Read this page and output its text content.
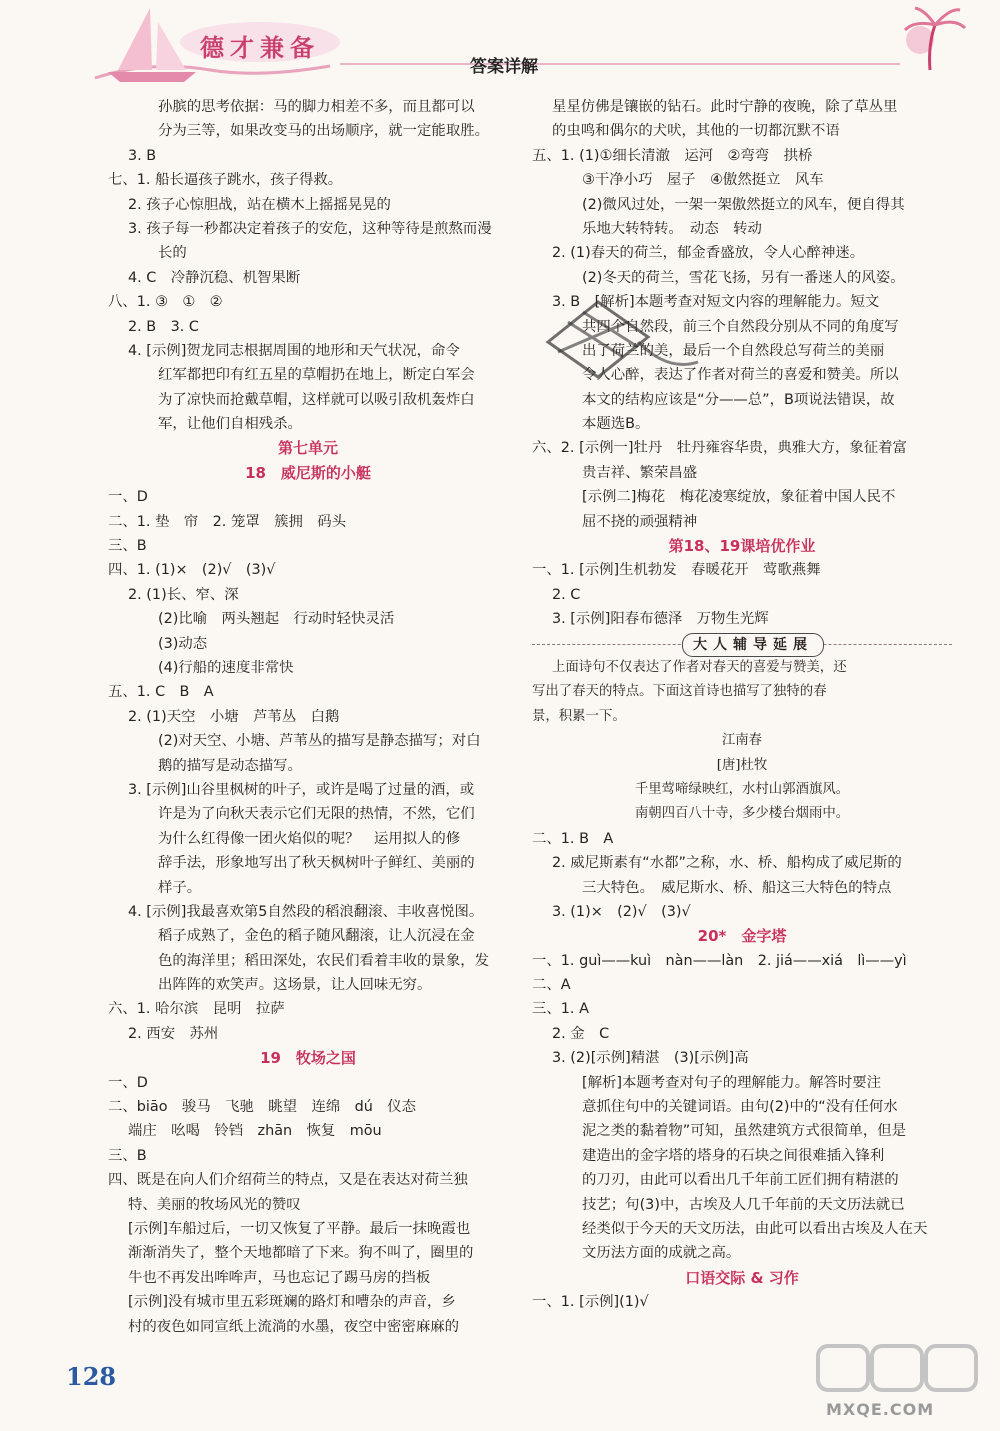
德才兼备
答案详解
孙膑的思考依据：马的脚力相差不多，而且都可以
分为三等，如果改变马的出场顺序，就一定能取胜。
3. B
七、1. 船长逼孩子跳水，孩子得救。
2. 孩子心惊胆战，站在横木上摇摇晃晃的
3. 孩子每一秒都决定着孩子的安危，这种等待是煎熬而漫
长的
4. C　冷静沉稳、机智果断
八、1. ③　①　②
2. B　3. C
4. [示例]贺龙同志根据周围的地形和天气状况，命令
红军都把印有红五星的草帽扔在地上，断定白军会
为了凉快而抢戴草帽，这样就可以吸引敌机轰炸白
军，让他们自相残杀。
第七单元
18　威尼斯的小艇
一、D
二、1. 垫　帘　2. 笼罩　簇拥　码头
三、B
四、1. (1)×　(2)√　(3)√
2. (1)长、窄、深
(2)比喻　两头翘起　行动时轻快灵活
(3)动态
(4)行船的速度非常快
五、1. C　B　A
2. (1)天空　小塘　芦苇丛　白鹅
(2)对天空、小塘、芦苇丛的描写是静态描写；对白
鹅的描写是动态描写。
3. [示例]山谷里枫树的叶子，或许是喝了过量的酒，或
许是为了向秋天表示它们无限的热情，不然，它们
为什么红得像一团火焰似的呢？　运用拟人的修
辞手法，形象地写出了秋天枫树叶子鲜红、美丽的
样子。
4. [示例]我最喜欢第5自然段的稻浪翻滚、丰收喜悦图。
稻子成熟了，金色的稻子随风翻滚，让人沉浸在金
色的海洋里；稻田深处，农民们看着丰收的景象，发
出阵阵的欢笑声。这场景，让人回味无穷。
六、1. 哈尔滨　昆明　拉萨
2. 西安　苏州
19　牧场之国
一、D
二、biāo　骏马　飞驰　眺望　连绵　dú　仪态
端庄　吆喝　铃铛　zhān　恢复　mōu
三、B
四、既是在向人们介绍荷兰的特点，又是在表达对荷兰独
特、美丽的牧场风光的赞叹
[示例]车船过后，一切又恢复了平静。最后一抹晚霞也
渐渐消失了，整个天地都暗了下来。狗不叫了，圈里的
牛也不再发出哞哞声，马也忘记了踢马房的挡板
[示例]没有城市里五彩斑斓的路灯和嘈杂的声音，乡
村的夜色如同宣纸上流淌的水墨，夜空中密密麻麻的
星星仿佛是镶嵌的钻石。此时宁静的夜晚，除了草丛里
的虫鸣和偶尔的犬吠，其他的一切都沉默不语
五、1. (1)①细长清澈　运河　②弯弯　拱桥
③干净小巧　屋子　④傲然挺立　风车
(2)微风过处，一架一架傲然挺立的风车，便自得其
乐地大转特转。　动态　转动
2. (1)春天的荷兰，郁金香盛放，令人心醉神迷。
(2)冬天的荷兰，雪花飞扬，另有一番迷人的风姿。
3. B　[解析]本题考查对短文内容的理解能力。短文
共四个自然段，前三个自然段分别从不同的角度写
出了荷兰的美，最后一个自然段总写荷兰的美丽
令人心醉，表达了作者对荷兰的喜爱和赞美。所以
本文的结构应该是“分——总”，B项说法错误，故
本题选B。
六、2. [示例一]牡丹　牡丹雍容华贵，典雅大方，象征着富
贵吉祥、繁荣昌盛
[示例二]梅花　梅花凌寒绽放，象征着中国人民不
屈不挠的顽强精神
第18、19课培优作业
一、1. [示例]生机勃发　春暖花开　莺歌燕舞
2. C
3. [示例]阳春布德泽　万物生光辉
大人辅导延展
上面诗句不仅表达了作者对春天的喜爱与赞美，还
写出了春天的特点。下面这首诗也描写了独特的春
景，积累一下。
江南春
[唐]杜牧
千里莺啼绿映红，水村山郭酒旗风。
南朝四百八十寺，多少楼台烟雨中。
二、1. B　A
2. 威尼斯素有“水都”之称，水、桥、船构成了威尼斯的
三大特色。　威尼斯水、桥、船这三大特色的特点
3. (1)×　(2)√　(3)√
20*　金字塔
一、1. guì——kuì　nàn——làn　2. jiá——xiá　lì——yì
二、A
三、1. A
2. 金　C
3. (2)[示例]精湛　(3)[示例]高
[解析]本题考查对句子的理解能力。解答时要注
意抓住句中的关键词语。由句(2)中的“没有任何水
泥之类的黏着物”可知，虽然建筑方式很简单，但是
建造出的金字塔的塔身的石块之间很难插入锋利
的刀刃，由此可以看出几千年前工匠们拥有精湛的
技艺；句(3)中，古埃及人几千年前的天文历法就已
经类似于今天的天文历法，由此可以看出古埃及人在天
文历法方面的成就之高。
口语交际 & 习作
一、1. [示例](1)√
128
MXQE.COM
